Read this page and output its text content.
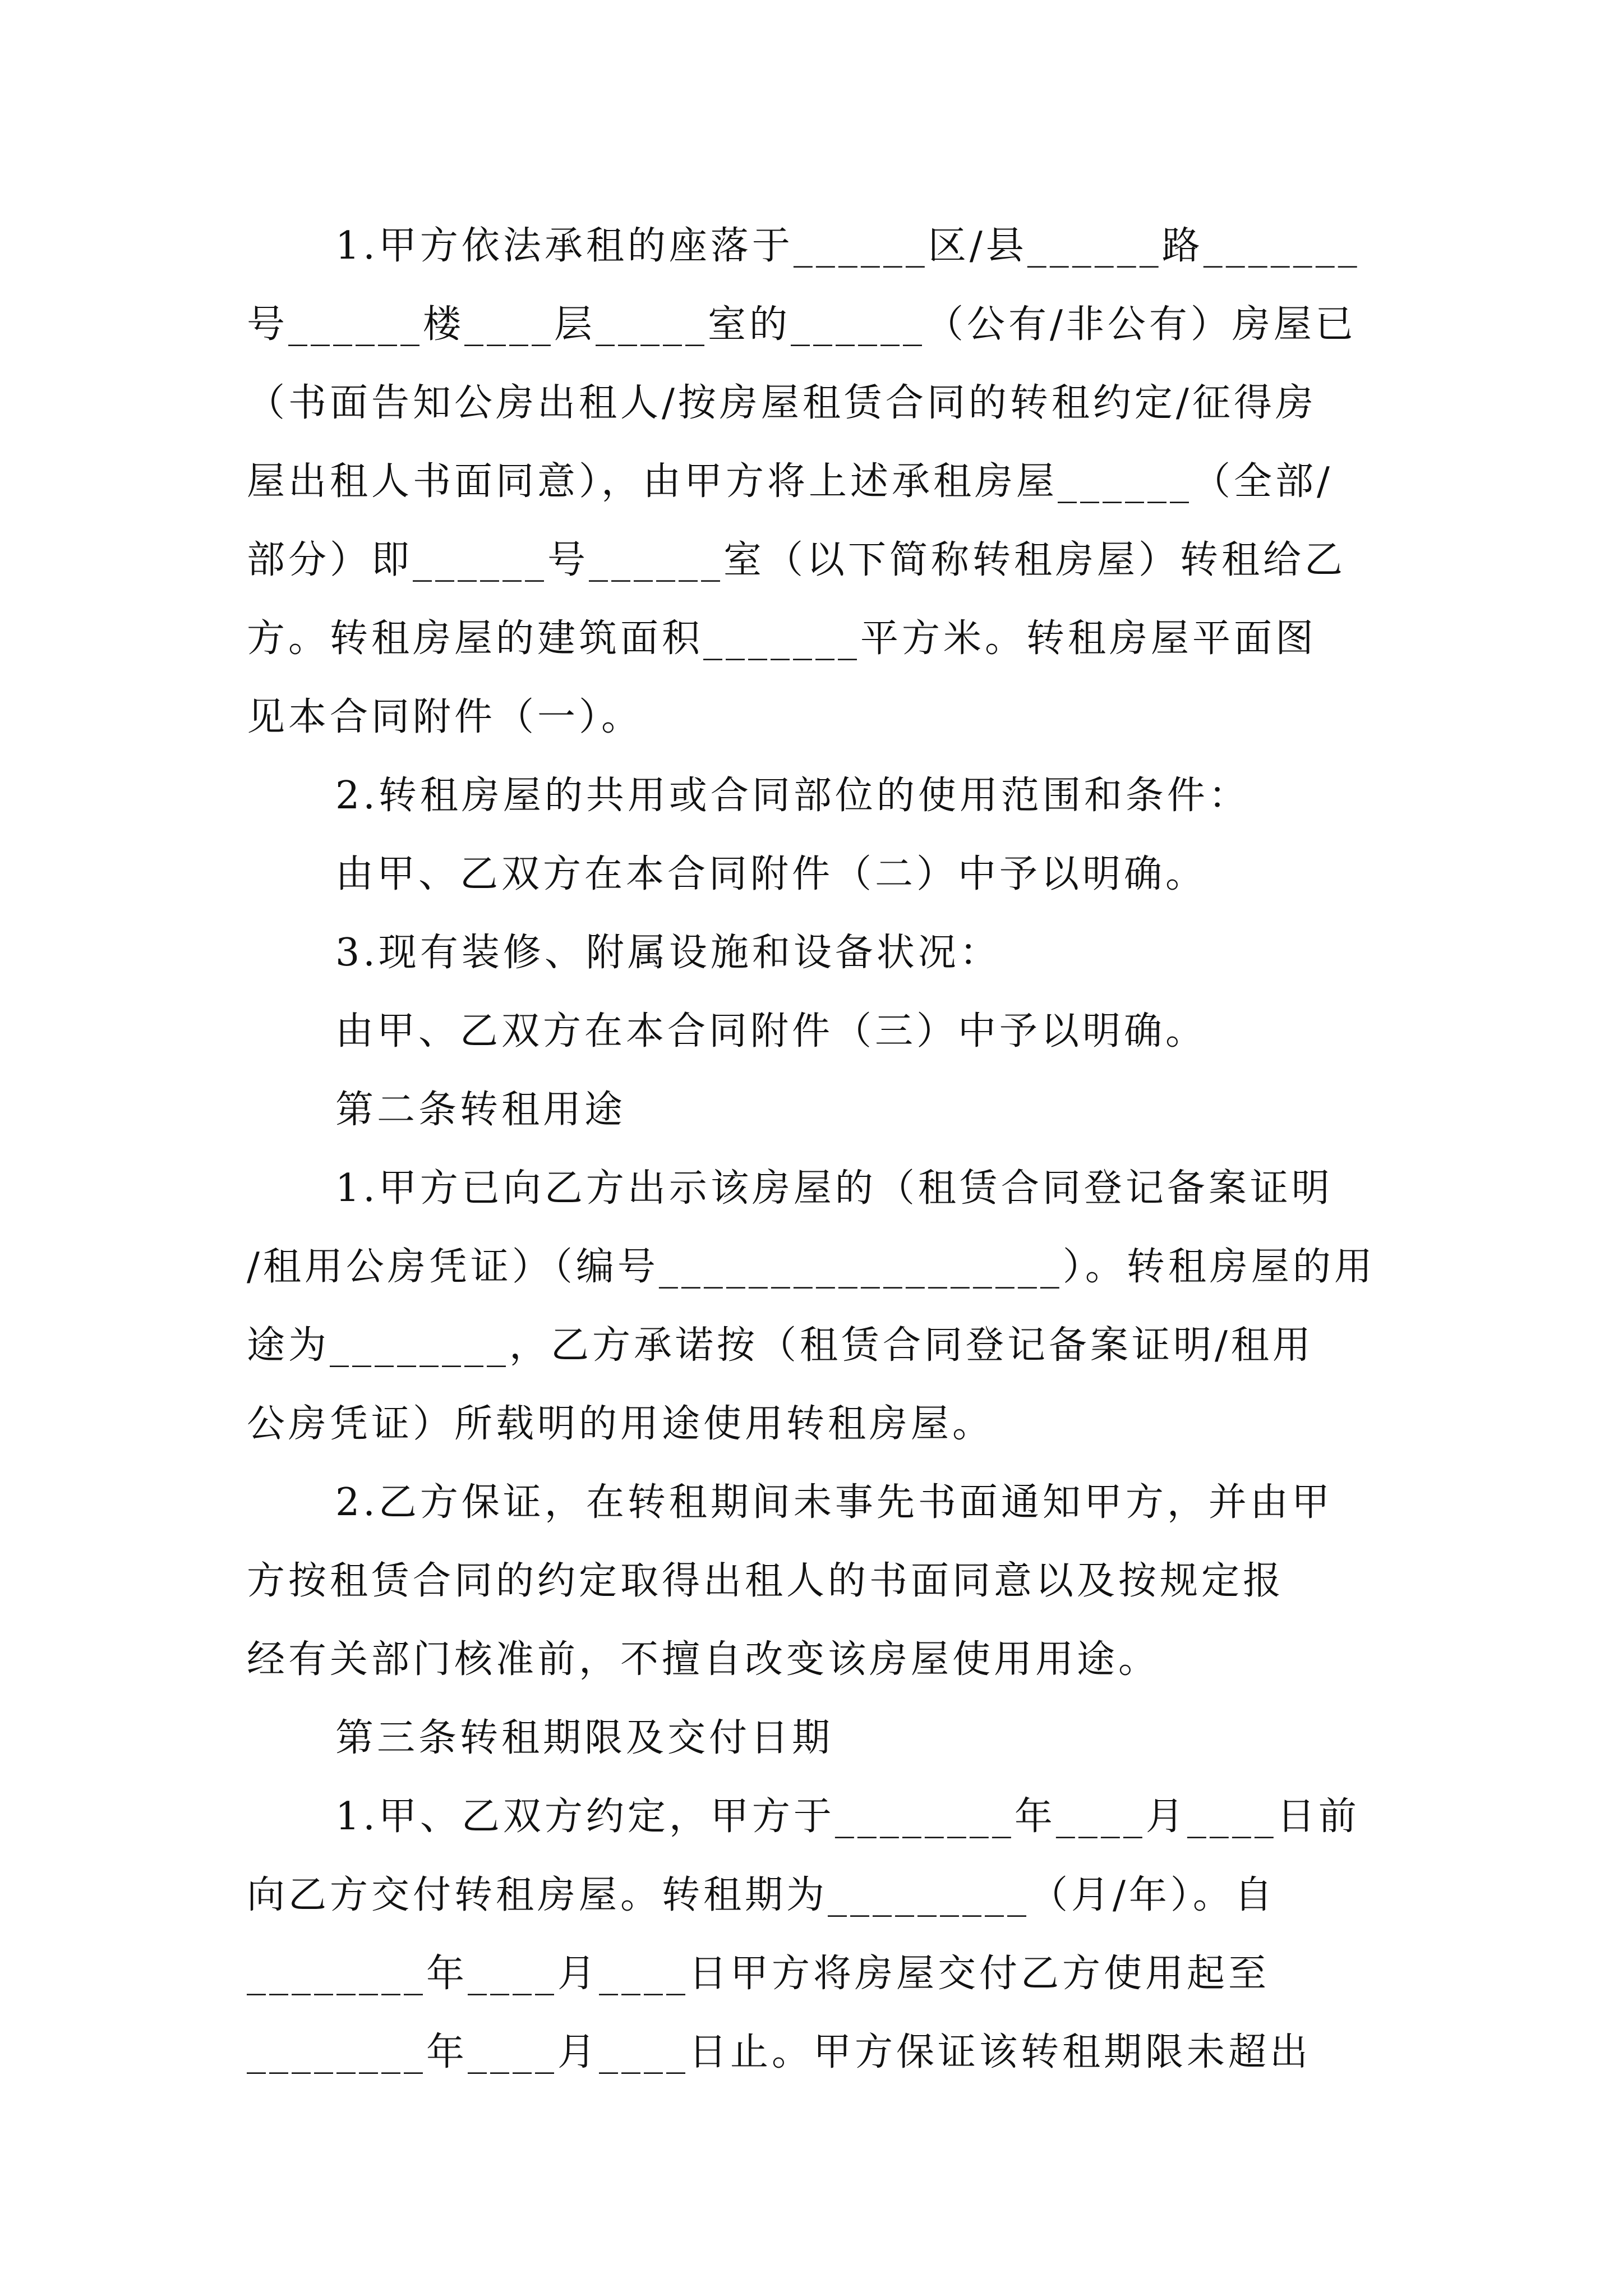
1.甲方依法承租的座落于______区/县______路_______
号______楼____层_____室的______（公有/非公有）房屋已
（书面告知公房出租人/按房屋租赁合同的转租约定/征得房
屋出租人书面同意），由甲方将上述承租房屋______（全部/
部分）即______号______室（以下简称转租房屋）转租给乙
方。转租房屋的建筑面积_______平方米。转租房屋平面图
见本合同附件（一）。
2.转租房屋的共用或合同部位的使用范围和条件：
由甲、乙双方在本合同附件（二）中予以明确。
3.现有装修、附属设施和设备状况：
由甲、乙双方在本合同附件（三）中予以明确。
第二条转租用途
1.甲方已向乙方出示该房屋的（租赁合同登记备案证明
/租用公房凭证）（编号__________________）。转租房屋的用
途为________，乙方承诺按（租赁合同登记备案证明/租用
公房凭证）所载明的用途使用转租房屋。
2.乙方保证，在转租期间未事先书面通知甲方，并由甲
方按租赁合同的约定取得出租人的书面同意以及按规定报
经有关部门核准前，不擅自改变该房屋使用用途。
第三条转租期限及交付日期
1.甲、乙双方约定，甲方于________年____月____日前
向乙方交付转租房屋。转租期为_________（月/年）。自
________年____月____日甲方将房屋交付乙方使用起至
________年____月____日止。甲方保证该转租期限未超出
